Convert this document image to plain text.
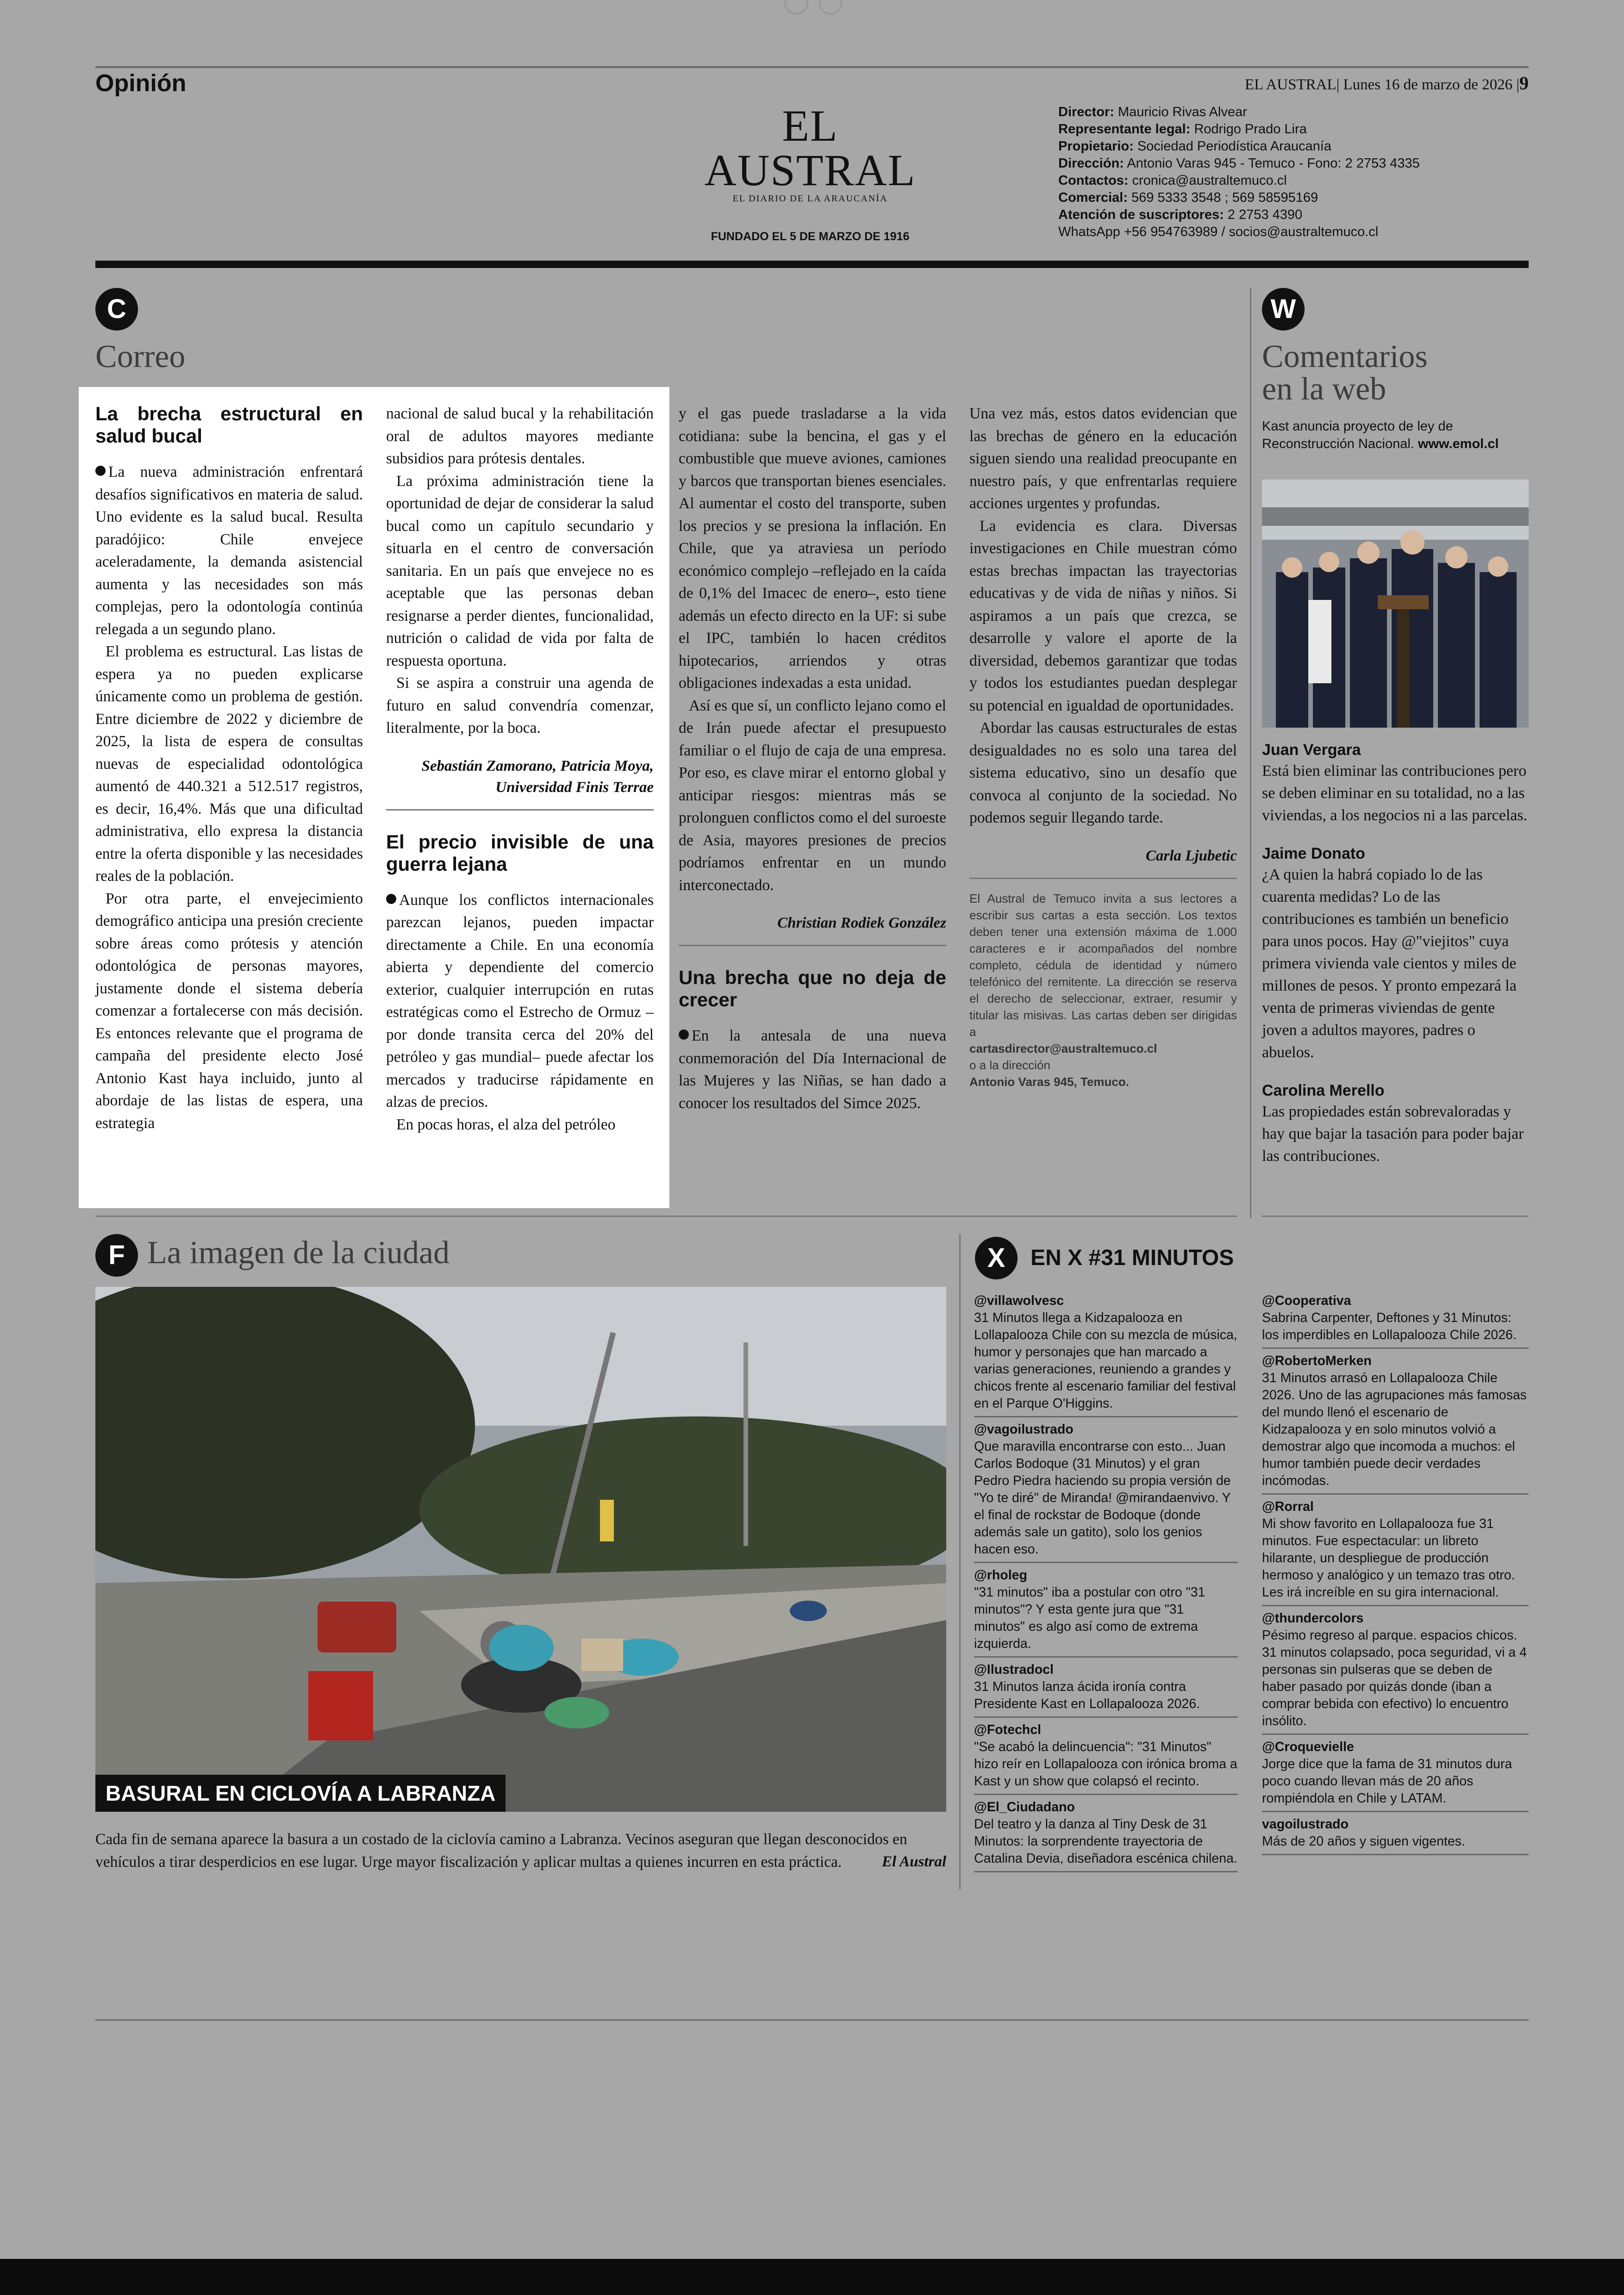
Opinión	EL AUSTRAL| Lunes 16 de marzo de 2026 |9
EL AUSTRAL
EL DIARIO DE LA ARAUCANÍA
FUNDADO EL 5 DE MARZO DE 1916
Director: Mauricio Rivas Alvear
Representante legal: Rodrigo Prado Lira
Propietario: Sociedad Periodística Araucanía
Dirección: Antonio Varas 945 - Temuco - Fono: 2 2753 4335
Contactos: cronica@australtemuco.cl
Comercial: 569 5333 3548 ; 569 58595169
Atención de suscriptores: 2 2753 4390
WhatsApp +56 954763989 / socios@australtemuco.cl
C
Correo
La brecha estructural en salud bucal

La nueva administración enfrentará desafíos significativos en materia de salud. Uno evidente es la salud bucal. Resulta paradójico: Chile envejece aceleradamente, la demanda asistencial aumenta y las necesidades son más complejas, pero la odontología continúa relegada a un segundo plano.

El problema es estructural. Las listas de espera ya no pueden explicarse únicamente como un problema de gestión. Entre diciembre de 2022 y diciembre de 2025, la lista de espera de consultas nuevas de especialidad odontológica aumentó de 440.321 a 512.517 registros, es decir, 16,4%. Más que una dificultad administrativa, ello expresa la distancia entre la oferta disponible y las necesidades reales de la población.

Por otra parte, el envejecimiento demográfico anticipa una presión creciente sobre áreas como prótesis y atención odontológica de personas mayores, justamente donde el sistema debería comenzar a fortalecerse con más decisión. Es entonces relevante que el programa de campaña del presidente electo José Antonio Kast haya incluido, junto al abordaje de las listas de espera, una estrategia

nacional de salud bucal y la rehabilitación oral de adultos mayores mediante subsidios para prótesis dentales.

La próxima administración tiene la oportunidad de dejar de considerar la salud bucal como un capítulo secundario y situarla en el centro de conversación sanitaria. En un país que envejece no es aceptable que las personas deban resignarse a perder dientes, funcionalidad, nutrición o calidad de vida por falta de respuesta oportuna.

Si se aspira a construir una agenda de futuro en salud convendría comenzar, literalmente, por la boca.

Sebastián Zamorano, Patricia Moya, Universidad Finis Terrae
El precio invisible de una guerra lejana

Aunque los conflictos internacionales parezcan lejanos, pueden impactar directamente a Chile. En una economía abierta y dependiente del comercio exterior, cualquier interrupción en rutas estratégicas como el Estrecho de Ormuz –por donde transita cerca del 20% del petróleo y gas mundial– puede afectar los mercados y traducirse rápidamente en alzas de precios.

En pocas horas, el alza del petróleo

y el gas puede trasladarse a la vida cotidiana: sube la bencina, el gas y el combustible que mueve aviones, camiones y barcos que transportan bienes esenciales. Al aumentar el costo del transporte, suben los precios y se presiona la inflación. En Chile, que ya atraviesa un período económico complejo –reflejado en la caída de 0,1% del Imacec de enero–, esto tiene además un efecto directo en la UF: si sube el IPC, también lo hacen créditos hipotecarios, arriendos y otras obligaciones indexadas a esta unidad.

Así es que sí, un conflicto lejano como el de Irán puede afectar el presupuesto familiar o el flujo de caja de una empresa. Por eso, es clave mirar el entorno global y anticipar riesgos: mientras más se prolonguen conflictos como el del suroeste de Asia, mayores presiones de precios podríamos enfrentar en un mundo interconectado.

Christian Rodiek González
Una brecha que no deja de crecer

En la antesala de una nueva conmemoración del Día Internacional de las Mujeres y las Niñas, se han dado a conocer los resultados del Simce 2025.

Una vez más, estos datos evidencian que las brechas de género en la educación siguen siendo una realidad preocupante en nuestro país, y que enfrentarlas requiere acciones urgentes y profundas.

La evidencia es clara. Diversas investigaciones en Chile muestran cómo estas brechas impactan las trayectorias educativas y de vida de niñas y niños. Si aspiramos a un país que crezca, se desarrolle y valore el aporte de la diversidad, debemos garantizar que todas y todos los estudiantes puedan desplegar su potencial en igualdad de oportunidades.

Abordar las causas estructurales de estas desigualdades no es solo una tarea del sistema educativo, sino un desafío que convoca al conjunto de la sociedad. No podemos seguir llegando tarde.

Carla Ljubetic
El Austral de Temuco invita a sus lectores a escribir sus cartas a esta sección. Los textos deben tener una extensión máxima de 1.000 caracteres e ir acompañados del nombre completo, cédula de identidad y número telefónico del remitente. La dirección se reserva el derecho de seleccionar, extraer, resumir y titular las misivas. Las cartas deben ser dirigidas a
cartasdirector@australtemuco.cl
o a la dirección
Antonio Varas 945, Temuco.
W
Comentarios
en la web
Kast anuncia proyecto de ley de Reconstrucción Nacional. www.emol.cl
Juan Vergara
Está bien eliminar las contribuciones pero se deben eliminar en su totalidad, no a las viviendas, a los negocios ni a las parcelas.
Jaime Donato
¿A quien la habrá copiado lo de las cuarenta medidas? Lo de las contribuciones es también un beneficio para unos pocos. Hay @"viejitos" cuya primera vivienda vale cientos y miles de millones de pesos. Y pronto empezará la venta de primeras viviendas de gente joven a adultos mayores, padres o abuelos.
Carolina Merello
Las propiedades están sobrevaloradas y hay que bajar la tasación para poder bajar las contribuciones.
F La imagen de la ciudad
BASURAL EN CICLOVÍA A LABRANZA
Cada fin de semana aparece la basura a un costado de la ciclovía camino a Labranza. Vecinos aseguran que llegan desconocidos en vehículos a tirar desperdicios en ese lugar. Urge mayor fiscalización y aplicar multas a quienes incurren en esta práctica.	El Austral
X	EN X #31 MINUTOS
@villawolvesc
31 Minutos llega a Kidzapalooza en Lollapalooza Chile con su mezcla de música, humor y personajes que han marcado a varias generaciones, reuniendo a grandes y chicos frente al escenario familiar del festival en el Parque O'Higgins.
@vagoilustrado
Que maravilla encontrarse con esto... Juan Carlos Bodoque (31 Minutos) y el gran Pedro Piedra haciendo su propia versión de "Yo te diré" de Miranda! @mirandaenvivo. Y el final de rockstar de Bodoque (donde además sale un gatito), solo los genios hacen eso.
@rholeg
"31 minutos" iba a postular con otro "31 minutos"? Y esta gente jura que "31 minutos" es algo así como de extrema izquierda.
@Ilustradocl
31 Minutos lanza ácida ironía contra Presidente Kast en Lollapalooza 2026.
@Fotechcl
"Se acabó la delincuencia": "31 Minutos" hizo reír en Lollapalooza con irónica broma a Kast y un show que colapsó el recinto.
@El_Ciudadano
Del teatro y la danza al Tiny Desk de 31 Minutos: la sorprendente trayectoria de Catalina Devia, diseñadora escénica chilena.
@Cooperativa
Sabrina Carpenter, Deftones y 31 Minutos: los imperdibles en Lollapalooza Chile 2026.
@RobertoMerken
31 Minutos arrasó en Lollapalooza Chile 2026. Uno de las agrupaciones más famosas del mundo llenó el escenario de Kidzapalooza y en solo minutos volvió a demostrar algo que incomoda a muchos: el humor también puede decir verdades incómodas.
@Rorral
Mi show favorito en Lollapalooza fue 31 minutos. Fue espectacular: un libreto hilarante, un despliegue de producción hermoso y analógico y un temazo tras otro. Les irá increíble en su gira internacional.
@thundercolors
Pésimo regreso al parque. espacios chicos. 31 minutos colapsado, poca seguridad, vi a 4 personas sin pulseras que se deben de haber pasado por quizás donde (iban a comprar bebida con efectivo) lo encuentro insólito.
@Croquevielle
Jorge dice que la fama de 31 minutos dura poco cuando llevan más de 20 años rompiéndola en Chile y LATAM.
vagoilustrado
Más de 20 años y siguen vigentes.
